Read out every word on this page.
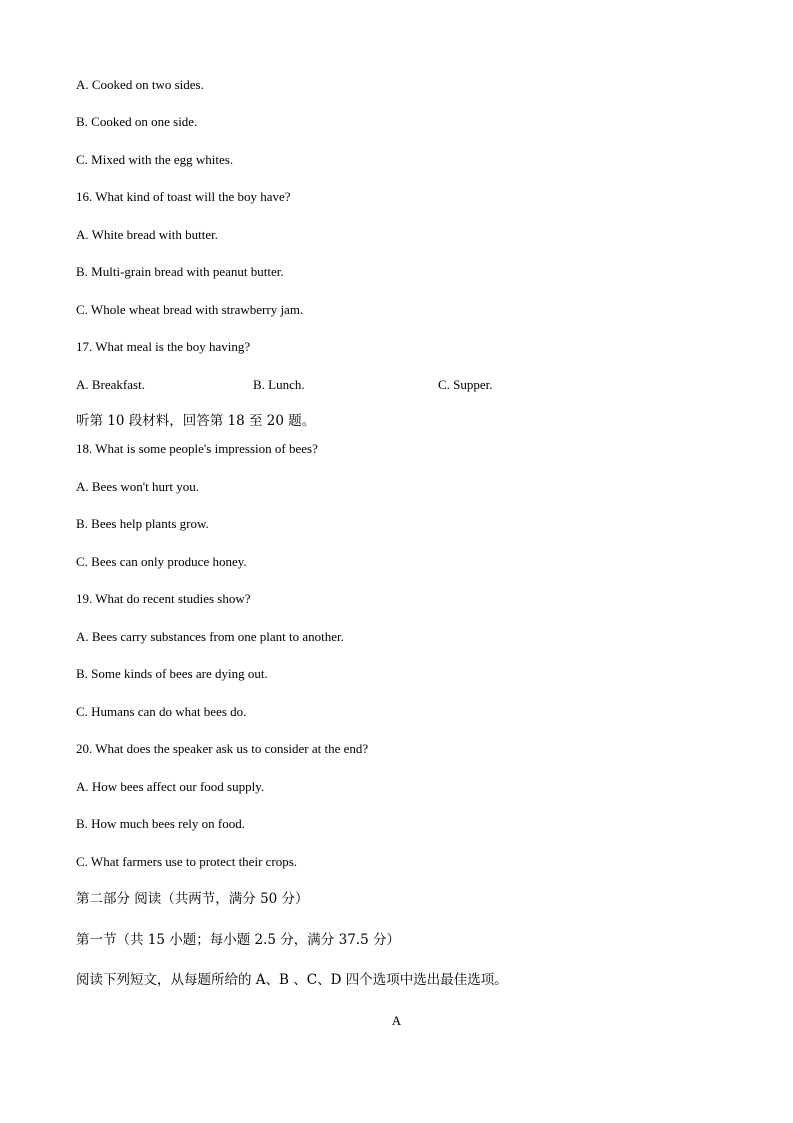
A. Cooked on two sides.
B. Cooked on one side.
C. Mixed with the egg whites.
16. What kind of toast will the boy have?
A. White bread with butter.
B. Multi-grain bread with peanut butter.
C. Whole wheat bread with strawberry jam.
17. What meal is the boy having?
A. Breakfast.	B. Lunch.	C. Supper.
听第 10 段材料，回答第 18 至 20 题。
18. What is some people's impression of bees?
A. Bees won't hurt you.
B. Bees help plants grow.
C. Bees can only produce honey.
19. What do recent studies show?
A. Bees carry substances from one plant to another.
B. Some kinds of bees are dying out.
C. Humans can do what bees do.
20. What does the speaker ask us to consider at the end?
A. How bees affect our food supply.
B. How much bees rely on food.
C. What farmers use to protect their crops.
第二部分 阅读（共两节，满分 50 分）
第一节（共 15 小题；每小题 2.5 分，满分 37.5 分）
阅读下列短文，从每题所给的 A、B 、C、D 四个选项中选出最佳选项。
A
